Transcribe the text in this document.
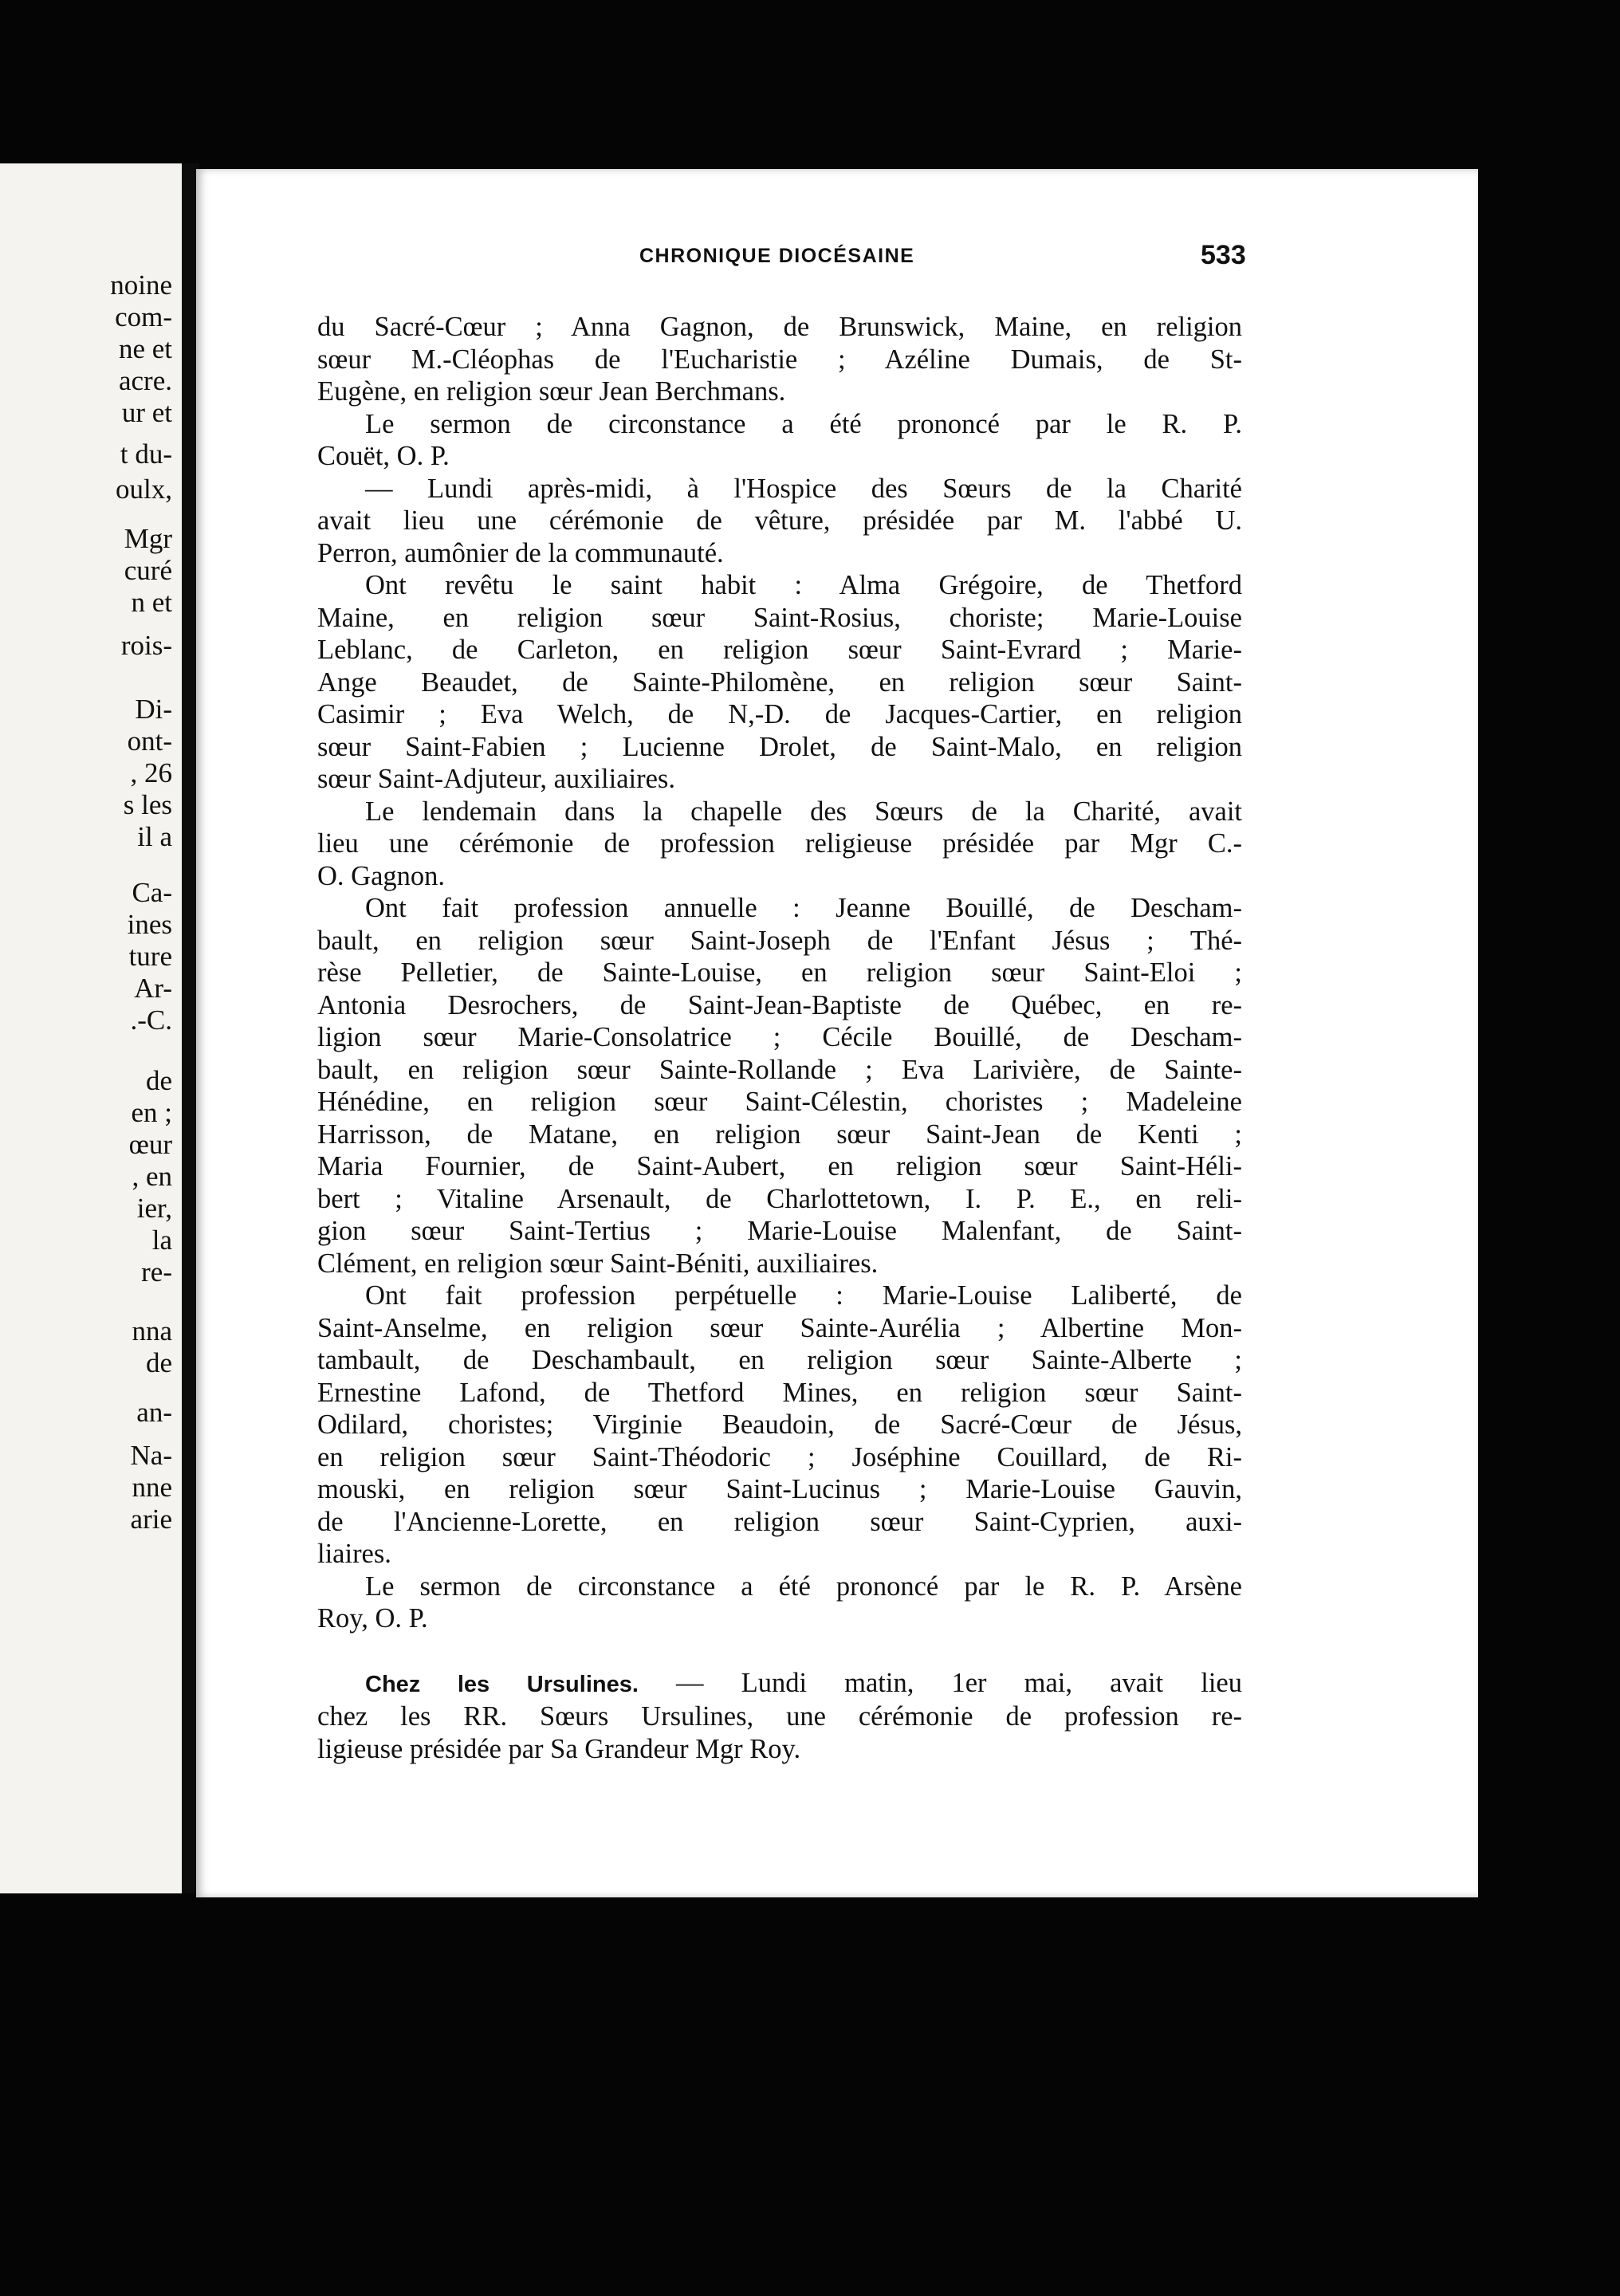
noine
com-
ne et
acre.
ur et
t du-
oulx,
Mgr
curé
n et
rois-
Di-
ont-
, 26
s les
il a
Ca-
ines
ture
Ar-
.-C.
de
en ;
œur
, en
ier,
la
re-
nna
de
an-
Na-
nne
arie
CHRONIQUE DIOCÉSAINE	533
du Sacré-Cœur ; Anna Gagnon, de Brunswick, Maine, en religion
sœur M.-Cléophas de l'Eucharistie ; Azéline Dumais, de St-
Eugène, en religion sœur Jean Berchmans.
Le sermon de circonstance a été prononcé par le R. P.
Couët, O. P.
— Lundi après-midi, à l'Hospice des Sœurs de la Charité
avait lieu une cérémonie de vêture, présidée par M. l'abbé U.
Perron, aumônier de la communauté.
Ont revêtu le saint habit : Alma Grégoire, de Thetford
Maine, en religion sœur Saint-Rosius, choriste; Marie-Louise
Leblanc, de Carleton, en religion sœur Saint-Evrard ; Marie-
Ange Beaudet, de Sainte-Philomène, en religion sœur Saint-
Casimir ; Eva Welch, de N,-D. de Jacques-Cartier, en religion
sœur Saint-Fabien ; Lucienne Drolet, de Saint-Malo, en religion
sœur Saint-Adjuteur, auxiliaires.
Le lendemain dans la chapelle des Sœurs de la Charité, avait
lieu une cérémonie de profession religieuse présidée par Mgr C.-
O. Gagnon.
Ont fait profession annuelle : Jeanne Bouillé, de Descham-
bault, en religion sœur Saint-Joseph de l'Enfant Jésus ; Thé-
rèse Pelletier, de Sainte-Louise, en religion sœur Saint-Eloi ;
Antonia Desrochers, de Saint-Jean-Baptiste de Québec, en re-
ligion sœur Marie-Consolatrice ; Cécile Bouillé, de Descham-
bault, en religion sœur Sainte-Rollande ; Eva Larivière, de Sainte-
Hénédine, en religion sœur Saint-Célestin, choristes ; Madeleine
Harrisson, de Matane, en religion sœur Saint-Jean de Kenti ;
Maria Fournier, de Saint-Aubert, en religion sœur Saint-Héli-
bert ; Vitaline Arsenault, de Charlottetown, I. P. E., en reli-
gion sœur Saint-Tertius ; Marie-Louise Malenfant, de Saint-
Clément, en religion sœur Saint-Béniti, auxiliaires.
Ont fait profession perpétuelle : Marie-Louise Laliberté, de
Saint-Anselme, en religion sœur Sainte-Aurélia ; Albertine Mon-
tambault, de Deschambault, en religion sœur Sainte-Alberte ;
Ernestine Lafond, de Thetford Mines, en religion sœur Saint-
Odilard, choristes; Virginie Beaudoin, de Sacré-Cœur de Jésus,
en religion sœur Saint-Théodoric ; Joséphine Couillard, de Ri-
mouski, en religion sœur Saint-Lucinus ; Marie-Louise Gauvin,
de l'Ancienne-Lorette, en religion sœur Saint-Cyprien, auxi-
liaires.
Le sermon de circonstance a été prononcé par le R. P. Arsène
Roy, O. P.
Chez les Ursulines. — Lundi matin, 1er mai, avait lieu
chez les RR. Sœurs Ursulines, une cérémonie de profession re-
ligieuse présidée par Sa Grandeur Mgr Roy.
